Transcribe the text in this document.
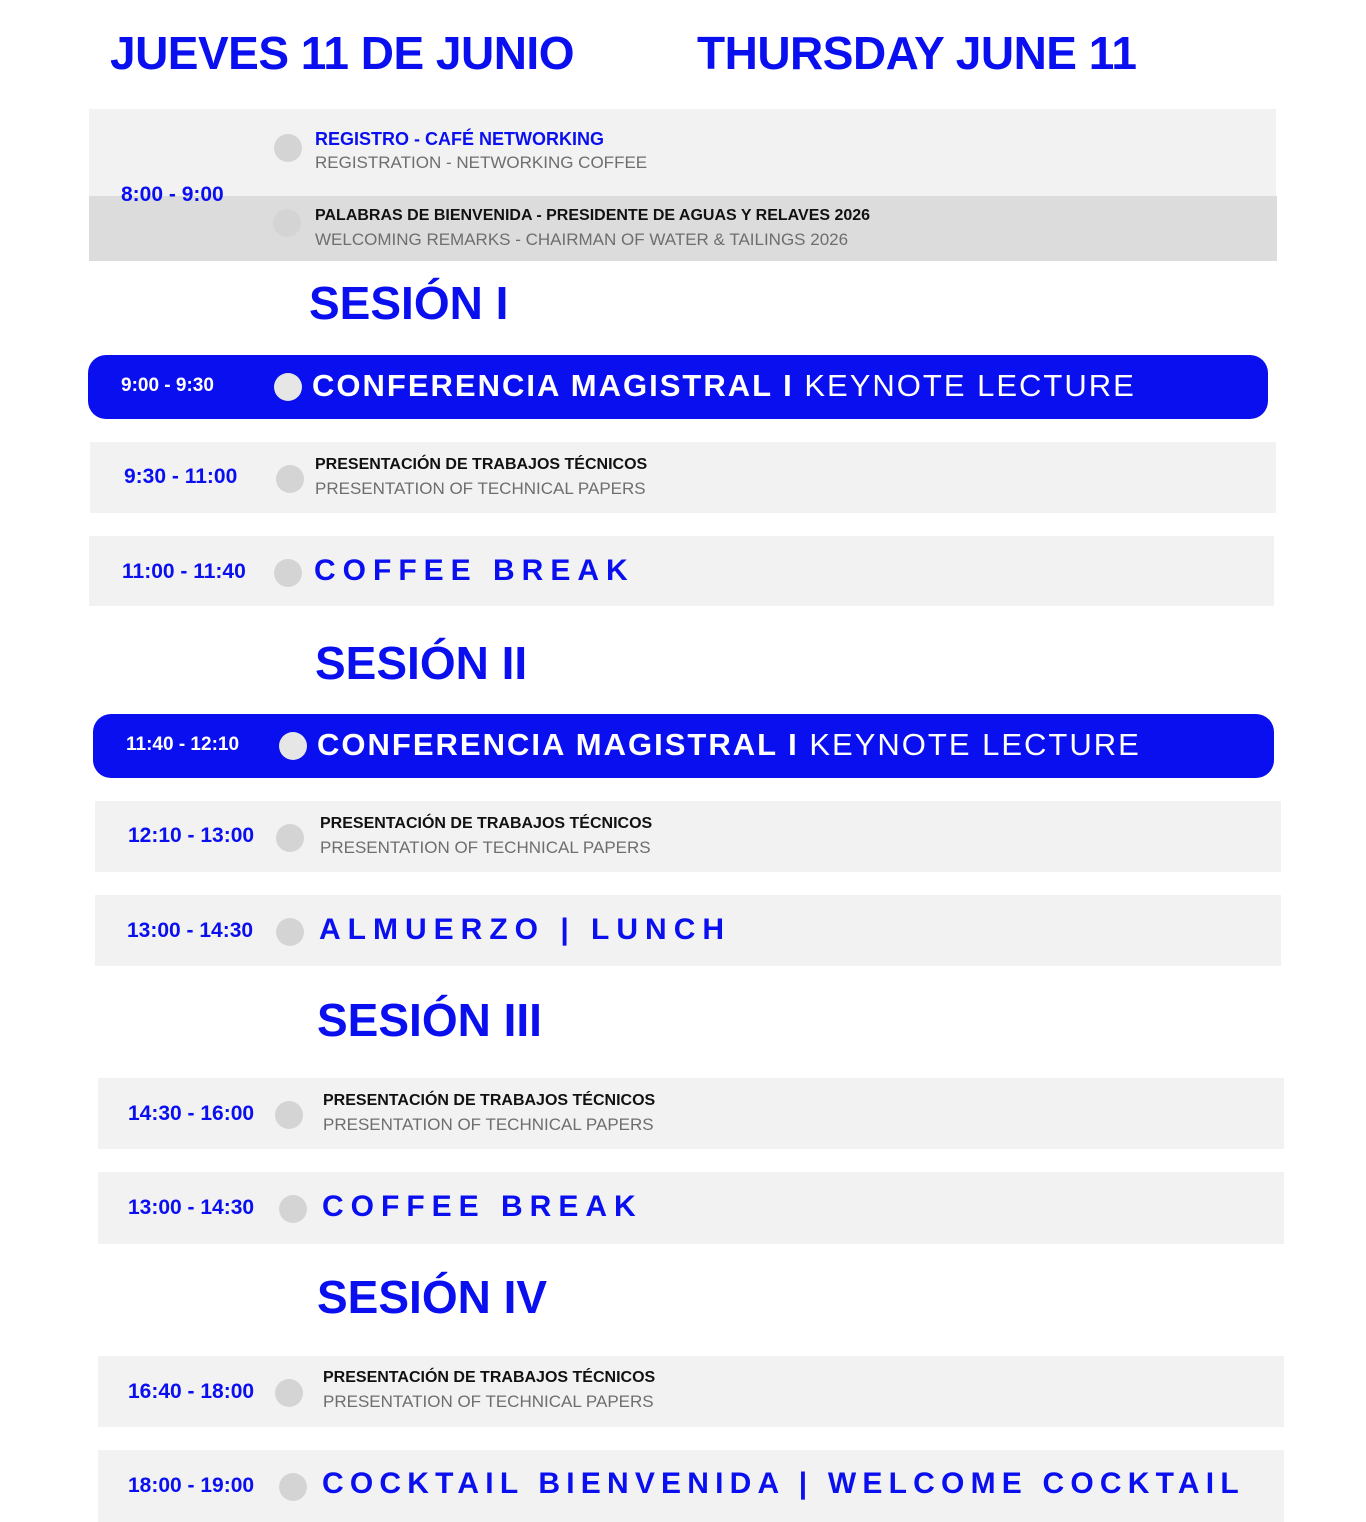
JUEVES 11 DE JUNIO	THURSDAY JUNE 11
8:00 - 9:00
REGISTRO - CAFÉ NETWORKING
REGISTRATION - NETWORKING COFFEE
PALABRAS DE BIENVENIDA - PRESIDENTE DE AGUAS Y RELAVES 2026
WELCOMING REMARKS - CHAIRMAN OF WATER & TAILINGS 2026
SESIÓN I
9:00 - 9:30	CONFERENCIA MAGISTRAL I KEYNOTE LECTURE
9:30 - 11:00
PRESENTACIÓN DE TRABAJOS TÉCNICOS
PRESENTATION OF TECHNICAL PAPERS
11:00 - 11:40 COFFEE BREAK
SESIÓN II
11:40 - 12:10	CONFERENCIA MAGISTRAL I KEYNOTE LECTURE
12:10 - 13:00
PRESENTACIÓN DE TRABAJOS TÉCNICOS
PRESENTATION OF TECHNICAL PAPERS
13:00 - 14:30 ALMUERZO | LUNCH
SESIÓN III
14:30 - 16:00
PRESENTACIÓN DE TRABAJOS TÉCNICOS
PRESENTATION OF TECHNICAL PAPERS
13:00 - 14:30 COFFEE BREAK
SESIÓN IV
16:40 - 18:00
PRESENTACIÓN DE TRABAJOS TÉCNICOS
PRESENTATION OF TECHNICAL PAPERS
18:00 - 19:00 COCKTAIL BIENVENIDA | WELCOME COCKTAIL
